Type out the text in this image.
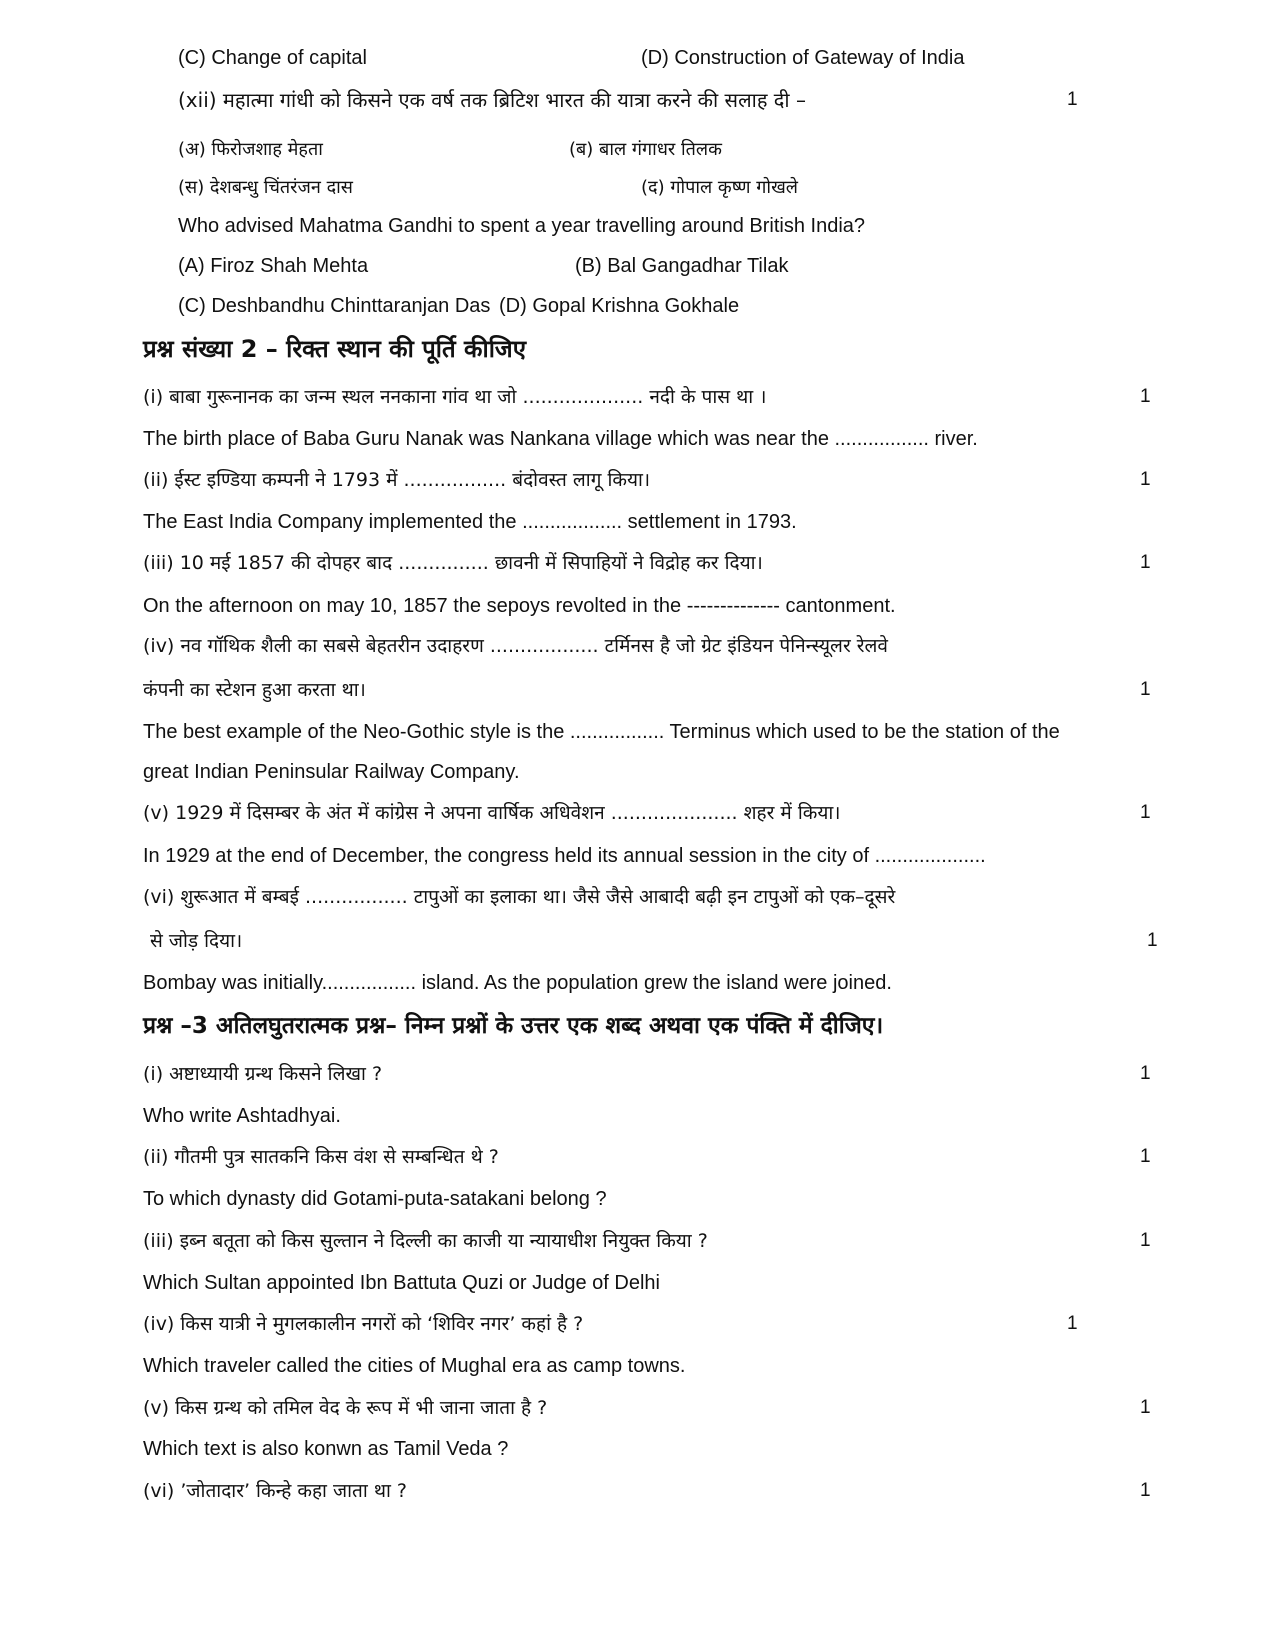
(C) Change of capital	(D) Construction of Gateway of India
(xii) महात्मा गांधी को किसने एक वर्ष तक ब्रिटिश भारत की यात्रा करने की सलाह दी –	1
(अ) फिरोजशाह मेहता	(ब) बाल गंगाधर तिलक
(स) देशबन्धु चिंतरंजन दास	(द) गोपाल कृष्ण गोखले
Who advised Mahatma Gandhi to spent a year travelling around British India?
(A) Firoz Shah Mehta	(B) Bal Gangadhar Tilak
(C) Deshbandhu Chinttaranjan Das (D) Gopal Krishna Gokhale
प्रश्न संख्या 2 – रिक्त स्थान की पूर्ति कीजिए
(i) बाबा गुरूनानक का जन्म स्थल ननकाना गांव था जो .................... नदी के पास था ।	1
The birth place of Baba Guru Nanak was Nankana village which was near the ................. river.
(ii) ईस्ट इण्डिया कम्पनी ने 1793 में ................. बंदोवस्त लागू किया।	1
The East India Company implemented the .................. settlement in 1793.
(iii) 10 मई 1857 की दोपहर बाद ............... छावनी में सिपाहियों ने विद्रोह कर दिया।	1
On the afternoon on may 10, 1857 the sepoys revolted in the -------------- cantonment.
(iv) नव गॉथिक शैली का सबसे बेहतरीन उदाहरण .................. टर्मिनस है जो ग्रेट इंडियन पेनिन्स्यूलर रेलवे
कंपनी का स्टेशन हुआ करता था।	1
The best example of the Neo-Gothic style is the ................. Terminus which used to be the station of the
great Indian Peninsular Railway Company.
(v) 1929 में दिसम्बर के अंत में कांग्रेस ने अपना वार्षिक अधिवेशन ..................... शहर में किया।	1
In 1929 at the end of December, the congress held its annual session in the city of ....................
(vi) शुरूआत में बम्बई ................. टापुओं का इलाका था। जैसे जैसे आबादी बढ़ी इन टापुओं को एक–दूसरे
से जोड़ दिया।	1
Bombay was initially................. island. As the population grew the island were joined.
प्रश्न –3 अतिलघुतरात्मक प्रश्न– निम्न प्रश्नों के उत्तर एक शब्द अथवा एक पंक्ति में दीजिए।
(i) अष्टाध्यायी ग्रन्थ किसने लिखा ?	1
Who write Ashtadhyai.
(ii) गौतमी पुत्र सातकनि किस वंश से सम्बन्धित थे ?	1
To which dynasty did Gotami-puta-satakani belong ?
(iii) इब्न बतूता को किस सुल्तान ने दिल्ली का काजी या न्यायाधीश नियुक्त किया ?	1
Which Sultan appointed Ibn Battuta Quzi or Judge of Delhi
(iv) किस यात्री ने मुगलकालीन नगरों को ‘शिविर नगर’ कहां है ?	1
Which traveler called the cities of Mughal era as camp towns.
(v) किस ग्रन्थ को तमिल वेद के रूप में भी जाना जाता है ?	1
Which text is also konwn as Tamil Veda ?
(vi) ’जोतादार’ किन्हे कहा जाता था ?	1
